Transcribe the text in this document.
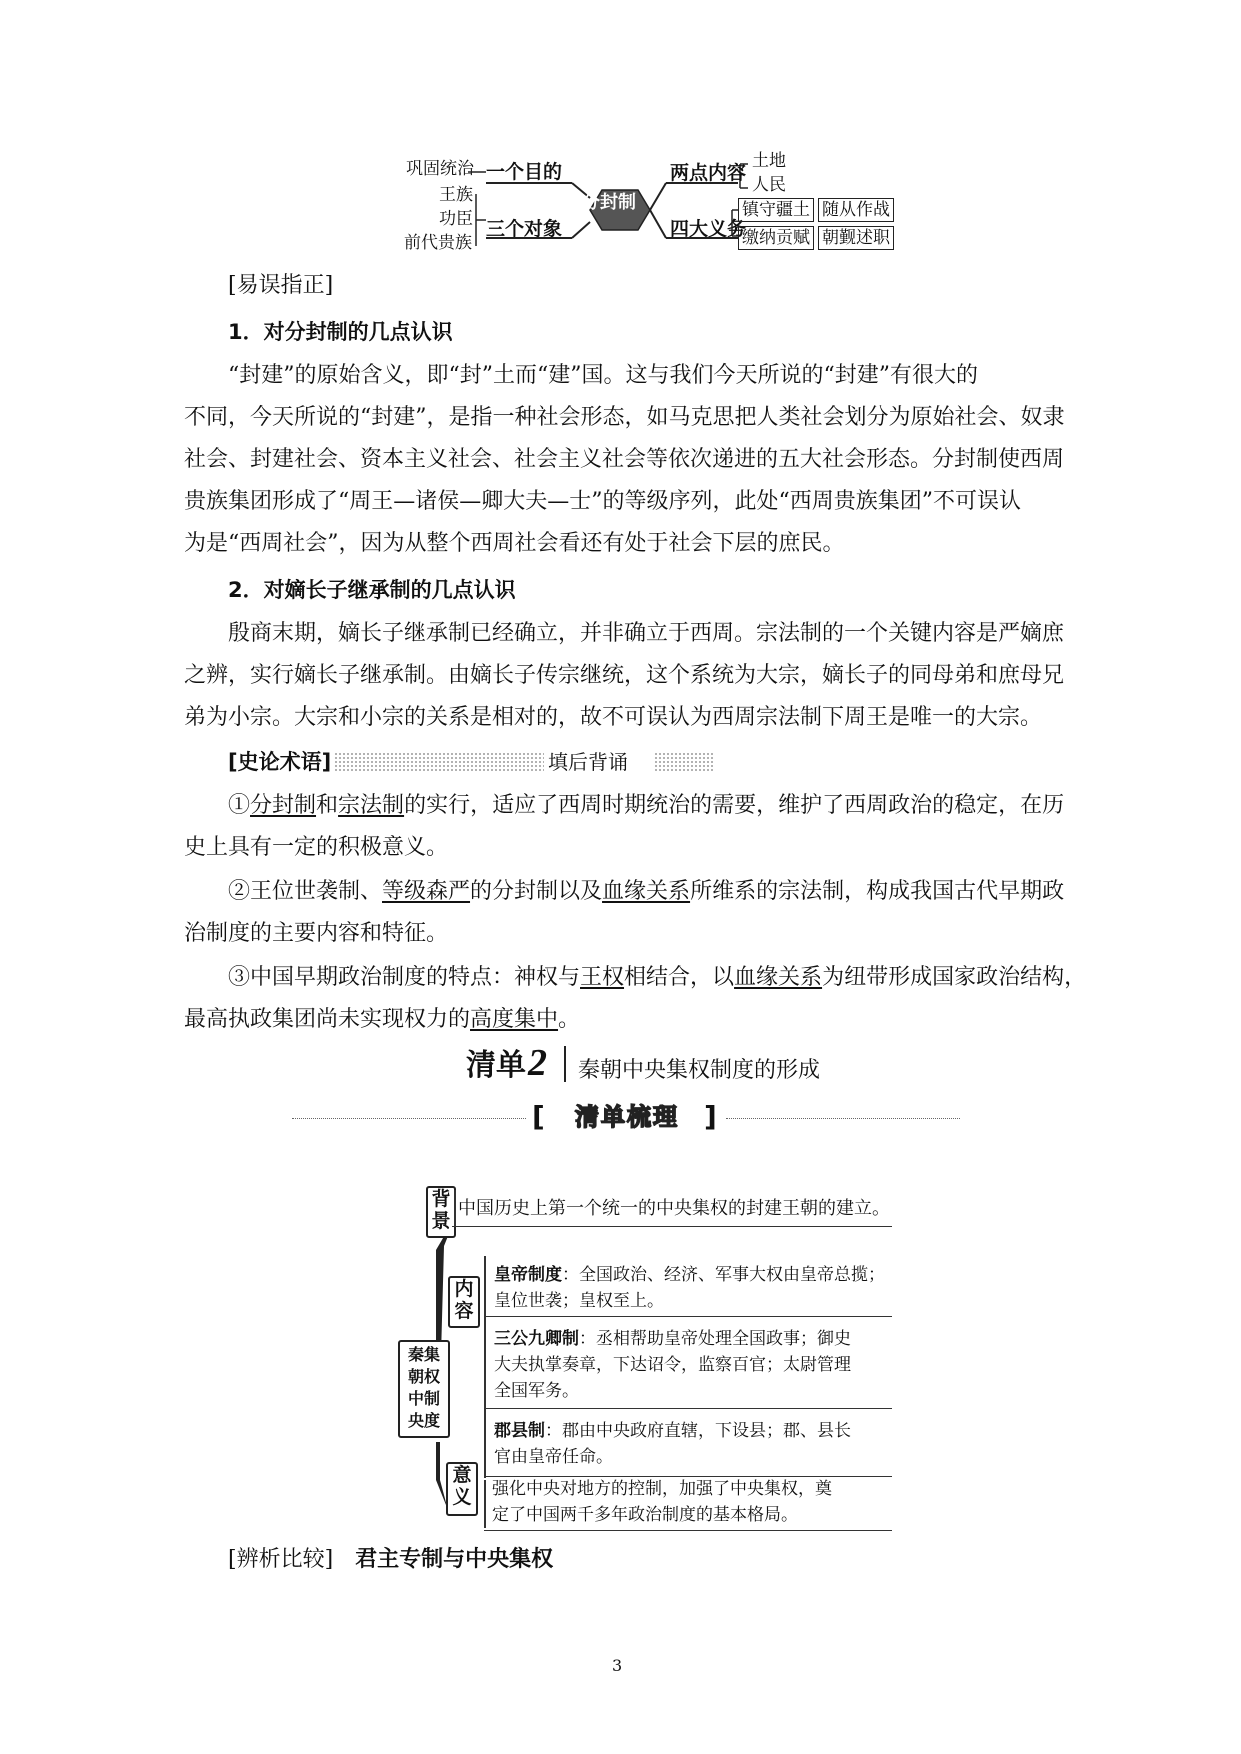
巩固统治
王族
功臣
前代贵族
一个目的
三个对象
分封制
两点内容
四大义务
土地
人民
镇守疆土 随从作战
缴纳贡赋 朝觐述职
[易误指正]
1．对分封制的几点认识
“封建”的原始含义，即“封”土而“建”国。这与我们今天所说的“封建”有很大的
不同，今天所说的“封建”，是指一种社会形态，如马克思把人类社会划分为原始社会、奴隶
社会、封建社会、资本主义社会、社会主义社会等依次递进的五大社会形态。分封制使西周
贵族集团形成了“周王—诸侯—卿大夫—士”的等级序列，此处“西周贵族集团”不可误认
为是“西周社会”，因为从整个西周社会看还有处于社会下层的庶民。
2．对嫡长子继承制的几点认识
殷商末期，嫡长子继承制已经确立，并非确立于西周。宗法制的一个关键内容是严嫡庶
之辨，实行嫡长子继承制。由嫡长子传宗继统，这个系统为大宗，嫡长子的同母弟和庶母兄
弟为小宗。大宗和小宗的关系是相对的，故不可误认为西周宗法制下周王是唯一的大宗。
[史论术语]	填后背诵
①分封制和宗法制的实行，适应了西周时期统治的需要，维护了西周政治的稳定，在历
史上具有一定的积极意义。
②王位世袭制、等级森严的分封制以及血缘关系所维系的宗法制，构成我国古代早期政
治制度的主要内容和特征。
③中国早期政治制度的特点：神权与王权相结合，以血缘关系为纽带形成国家政治结构，
最高执政集团尚未实现权力的高度集中。
清单 2 秦朝中央集权制度的形成
[	]
清单梳理
秦集
朝权
中制
央度
背
景
中国历史上第一个统一的中央集权的封建王朝的建立。
内
容
皇帝制度：全国政治、经济、军事大权由皇帝总揽；
皇位世袭；皇权至上。
三公九卿制：丞相帮助皇帝处理全国政事；御史
大夫执掌奏章，下达诏令，监察百官；太尉管理
全国军务。
郡县制：郡由中央政府直辖，下设县；郡、县长
官由皇帝任命。
意
义 强化中央对地方的控制，加强了中央集权，奠
定了中国两千多年政治制度的基本格局。
[辨析比较] 君主专制与中央集权
3
